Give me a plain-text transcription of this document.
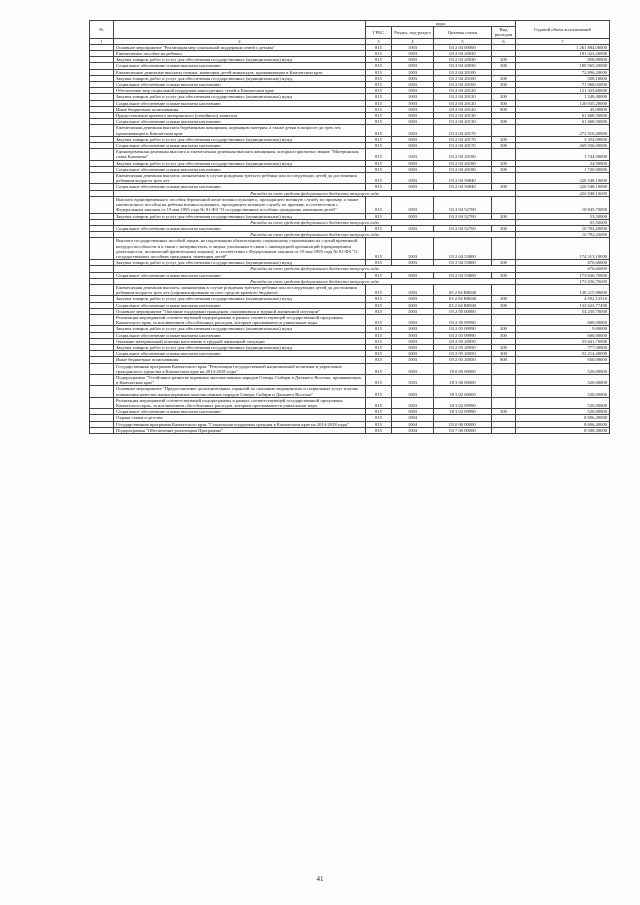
№		коды				Годовой объем ассигнований
		ГРБС	Раздел, под-раздел	Целевая статья	Вид расходов	
1	2	3	4	5	6	7
	Основное мероприятие "Реализация мер социальной поддержки семей с детьми"	815	1003	03 2 04 00000		1 261 884,00000
	Ежемесячное пособие на ребенка	815	1003	03 2 04 20030		181 423,20000
	Закупка товаров, работ и услуг для обеспечения государственных (муниципальных) нужд	815	1003	03 2 04 20030	200	858,00000
	Социальное обеспечение и иные выплаты населению	815	1003	03 2 04 20030	300	180 565,20000
	Ежемесячные денежные выплаты семьям, имеющим детей-инвалидов, проживающим в Камчатском крае	815	1003	03 2 04 20100		72 896,20000
	Закупка товаров, работ и услуг для обеспечения государственных (муниципальных) нужд	815	1003	03 2 04 20100	200	928,16000
	Социальное обеспечение и иные выплаты населению	815	1003	03 2 04 20100	300	71 968,02000
	Обеспечение мер социальной поддержки многодетных семей в Камчатском крае	815	1003	03 2 04 20120		121 323,60000
	Закупка товаров, работ и услуг для обеспечения государственных (муниципальных) нужд	815	1003	03 2 04 20120	200	1 248,40000
	Социальное обеспечение и иные выплаты населению	815	1003	03 2 04 20120	300	120 035,20000
	Иные бюджетные ассигнования	815	1003	03 2 04 20120	800	45,00000
	Предоставление краевого материнского (семейного) капитала	815	1003	03 2 04 20130		61 668,50000
	Социальное обеспечение и иные выплаты населению	815	1003	03 2 04 20130	300	61 668,50000
	Ежемесячная денежная выплата беременным женщинам, кормящим матерям, а также детям в возрасте до трех лет, проживающим в Камчатском крае	815	1003	03 2 04 20170		272 910,40000
	Закупка товаров, работ и услуг для обеспечения государственных (муниципальных) нужд	815	1003	03 2 04 20170	200	3 354,00000
	Социальное обеспечение и иные выплаты населению	815	1003	03 2 04 20170	300	269 556,00000
	Единовременная денежная выплата и ежемесячная денежная выплата женщинам, которым присвоено звание "Материнская слава Камчатки"	815	1003	03 2 04 20180		1 744,90000
	Закупка товаров, работ и услуг для обеспечения государственных (муниципальных) нужд	815	1003	03 2 04 20180	200	24,90000
	Социальное обеспечение и иные выплаты населению	815	1003	03 2 04 20180	300	1 720,00000
	Ежемесячная денежная выплата, назначаемая в случае рождения третьего ребенка или последующих детей до достижения ребенком возраста трех лет	815	1003	03 2 04 50840		220 548,10000
	Социальное обеспечение и иные выплаты населению	815	1003	03 2 04 50840	300	220 548,10000
	Расходы за счет средств федерального бюджета текущего года					220 548,10000
	Выплата единовременного пособия беременной жене военнослужащего, проходящего военную службу по призыву, а также ежемесячного пособия на ребенка военнослужащего, проходящего военную службу по призыву, в соответствии с Федеральным законом от 19 мая 1995 года № 81-ФЗ "О государственных пособиях гражданам, имеющим детей"	815	1003	03 2 04 52700		10 845,70000
	Закупка товаров, работ и услуг для обеспечения государственных (муниципальных) нужд	815	1003	03 2 04 52700	200	53,50000
	Расходы за счет средств федерального бюджета текущего года					53,50000
	Социальное обеспечение и иные выплаты населению	815	1003	03 2 04 52700	300	10 792,20000
	Расходы за счет средств федерального бюджета текущего года					10 792,20000
	Выплата государственных пособий лицам, не подлежащим обязательному социальному страхованию на случай временной нетрудоспособности и в связи с материнством, и лицам, уволенным в связи с ликвидацией организаций (прекращением деятельности, полномочий физическими лицами), в соответствии с Федеральным законом от 19 мая 1995 года № 81-ФЗ "О государственных пособиях гражданам, имеющим детей"	815	1003	03 2 04 53800		174 313,10000
	Закупка товаров, работ и услуг для обеспечения государственных (муниципальных) нужд	815	1003	03 2 04 53800	200	676,60000
	Расходы за счет средств федерального бюджета текущего года					676,60000
	Социальное обеспечение и иные выплаты населению	815	1003	03 2 04 53800	300	173 636,70000
	Расходы за счет средств федерального бюджета текущего года					173 636,70000
	Ежемесячная денежная выплата, назначаемая в случае рождения третьего ребенка или последующих детей до достижения ребенком возраста трех лет (софинансирование за счет средств краевого бюджета)	815	1003	03 2 04 R0840		138 215,90000
	Закупка товаров, работ и услуг для обеспечения государственных (муниципальных) нужд	815	1003	03 2 04 R0840	200	4 592,12510
	Социальное обеспечение и иные выплаты населению	815	1003	03 2 04 R0840	300	133 623,77490
	Основное мероприятие "Оказание поддержки гражданам, оказавшимся в трудной жизненной ситуации"	815	1003	03 2 05 00000		54 250,70000
	Реализация мероприятий соответствующей подпрограммы в рамках соответствующей государственной программы Камчатского края, за исключением обособленных расходов, которым присваиваются уникальные коды	815	1003	03 2 05 09990		609,00000
	Закупка товаров, работ и услуг для обеспечения государственных (муниципальных) нужд	815	1003	03 2 05 09990	200	9,00000
	Социальное обеспечение и иные выплаты населению	815	1003	03 2 05 09990	300	600,00000
	Оказание материальной помощи населению в трудной жизненной ситуации	815	1003	03 2 05 20050		53 641,70000
	Закупка товаров, работ и услуг для обеспечения государственных (муниципальных) нужд	815	1003	03 2 05 20050	200	777,30000
	Социальное обеспечение и иные выплаты населению	815	1003	03 2 05 20050	300	52 214,40000
	Иные бюджетные ассигнования	815	1003	03 2 05 20050	800	650,00000
	Государственная программа Камчатского края "Реализация государственной национальной политики и укрепление гражданского единства в Камчатском крае на 2014-2018 годы"	815	1003	18 0 00 00000		520,00000
	Подпрограмма "Устойчивое развитие коренных малочисленных народов Севера, Сибири и Дальнего Востока, проживающих в Камчатском крае"	815	1003	18 3 00 00000		520,00000
	Основное мероприятие "Предоставление дополнительных гарантий по оказанию медицинских и социальных услуг в целях повышения качества жизни коренных малочисленных народов Севера, Сибири и Дальнего Востока"	815	1003	18 3 02 00000		520,00000
	Реализация мероприятий соответствующей подпрограммы в рамках соответствующей государственной программы Камчатского края, за исключением обособленных расходов, которым присваиваются уникальные коды	815	1003	18 3 02 09990		520,00000
	Социальное обеспечение и иные выплаты населению	815	1003	18 3 02 09990	300	520,00000
	Охрана семьи и детства	815	1004			8 696,40000
	Государственная программа Камчатского края "Социальная поддержка граждан в Камчатском крае на 2014-2018 годы"	815	1004	03 0 00 00000		8 696,40000
	Подпрограмма "Обеспечение реализации Программы"	815	1004	03 7 00 00000		8 508,40000
41
